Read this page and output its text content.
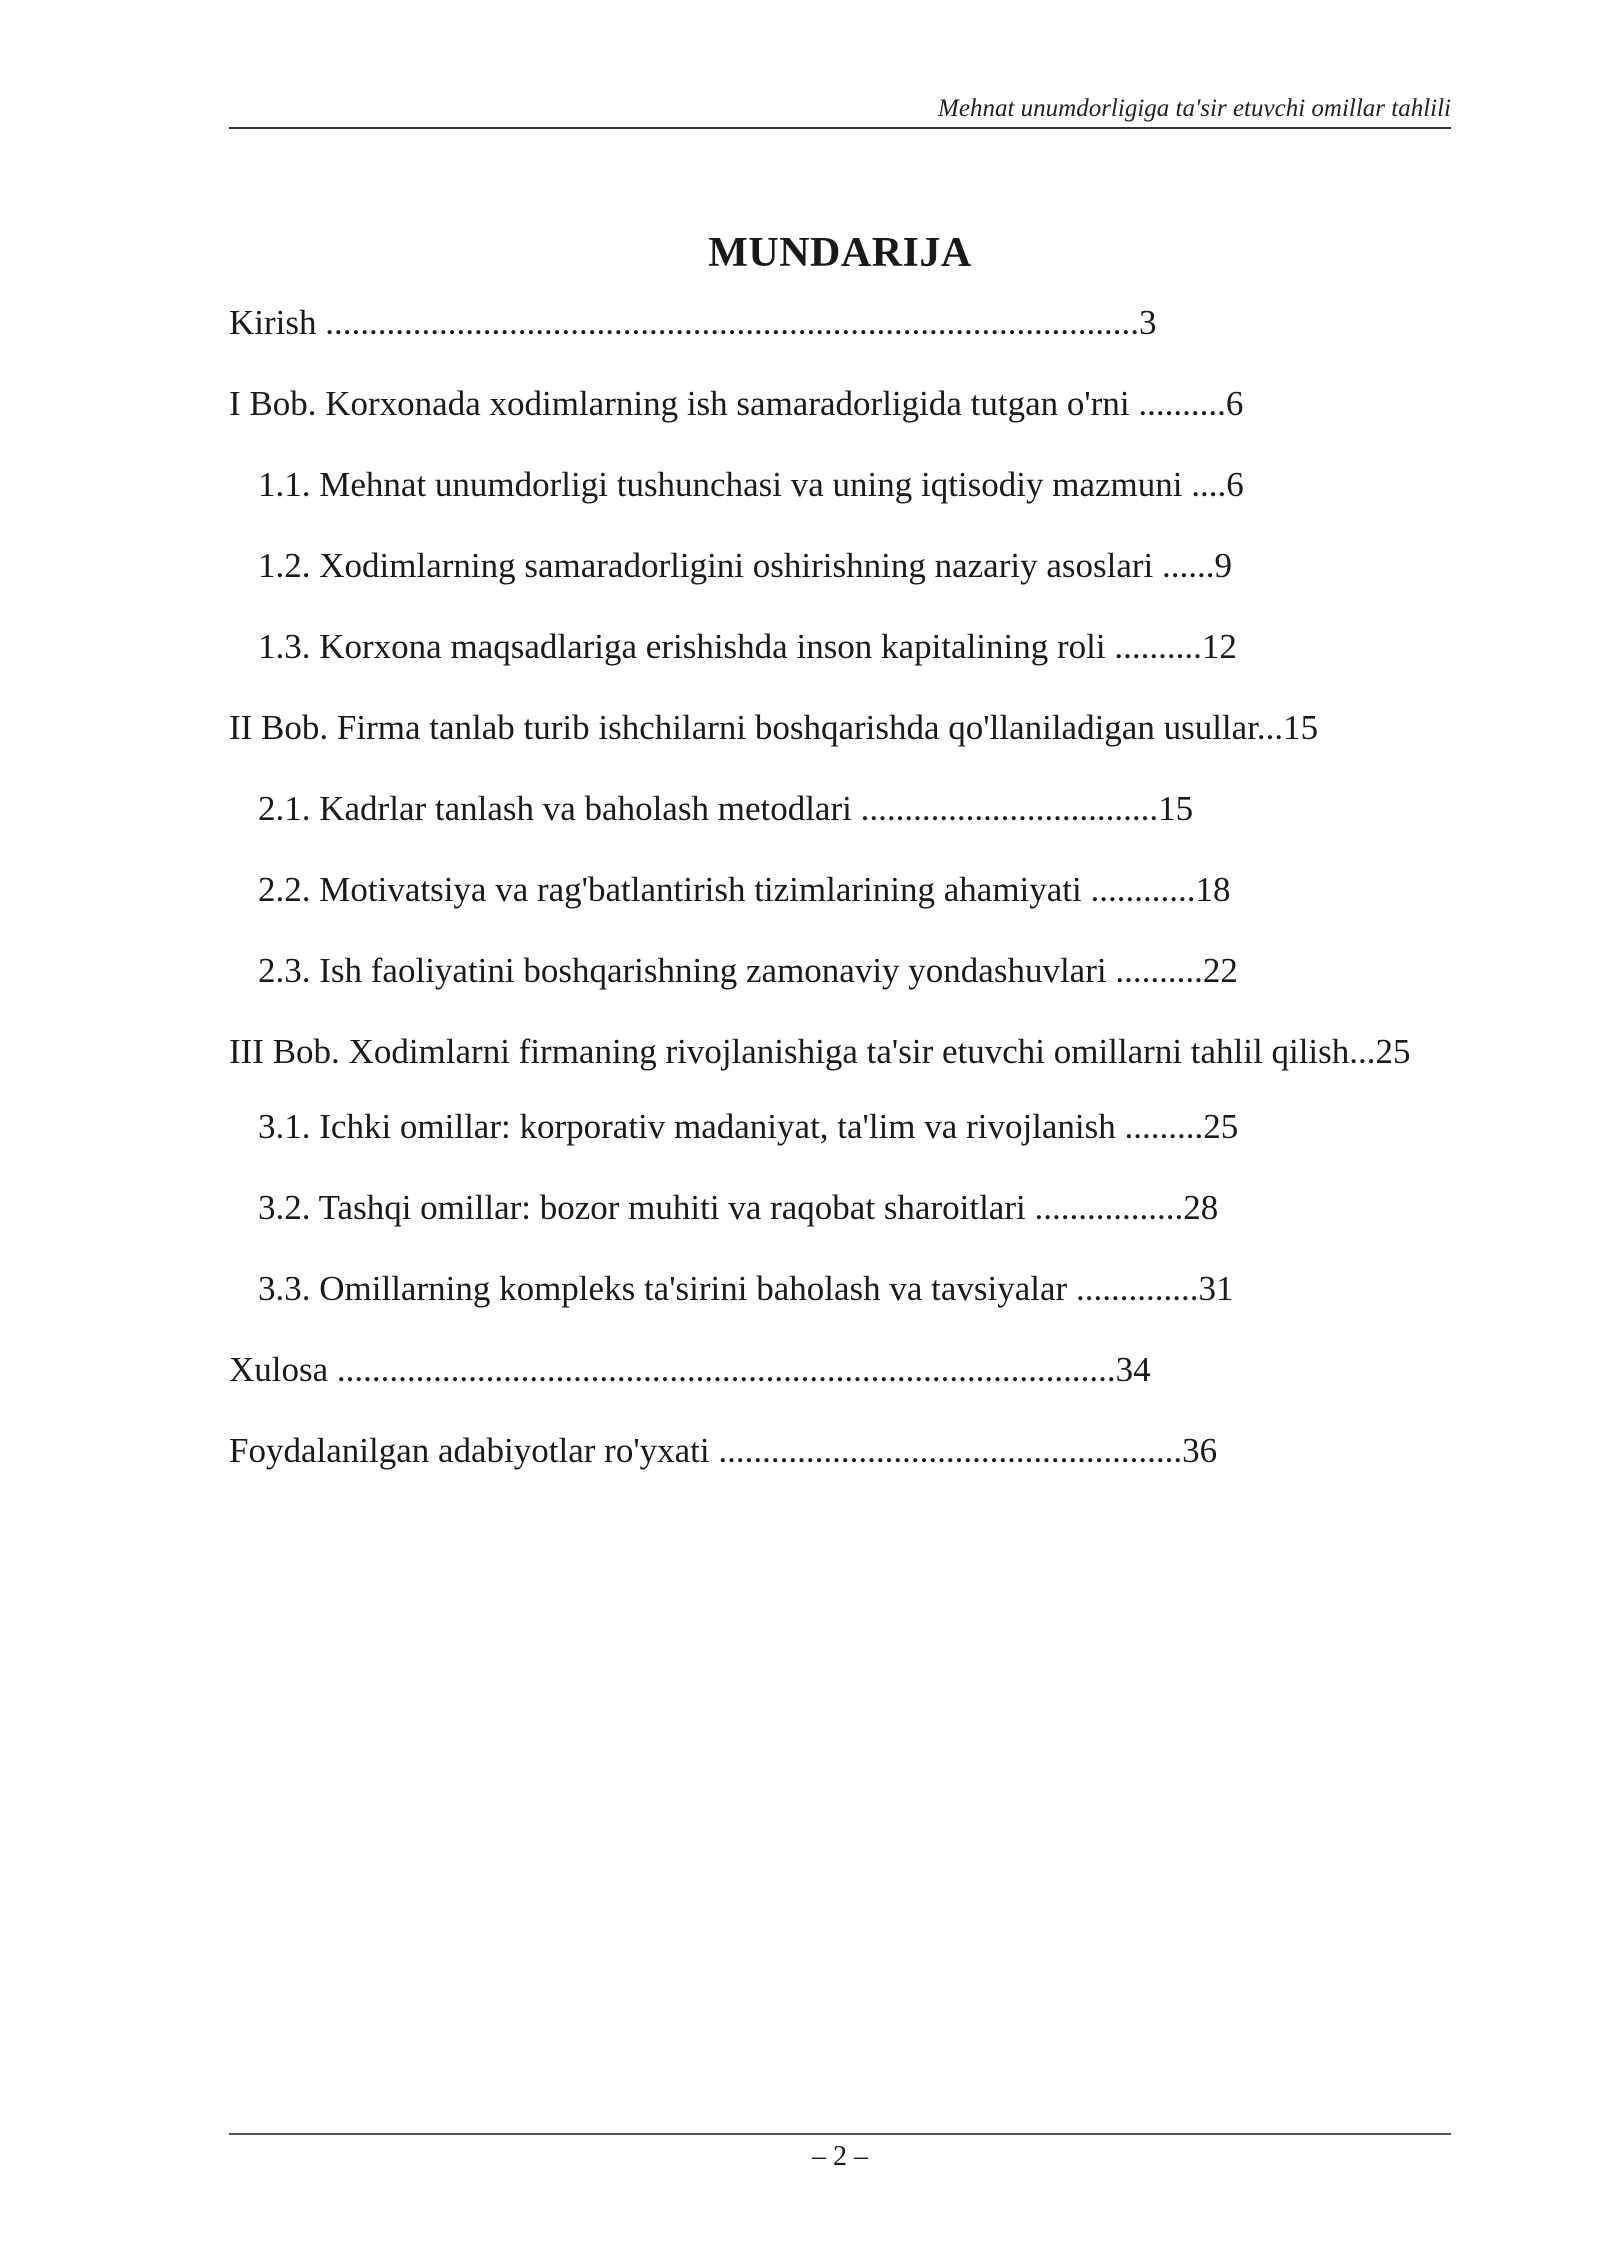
Mehnat unumdorligiga ta'sir etuvchi omillar tahlili
MUNDARIJA
Kirish .............................................................................................3
I Bob. Korxonada xodimlarning ish samaradorligida tutgan o'rni ..........6
1.1. Mehnat unumdorligi tushunchasi va uning iqtisodiy mazmuni ....6
1.2. Xodimlarning samaradorligini oshirishning nazariy asoslari ......9
1.3. Korxona maqsadlariga erishishda inson kapitalining roli ..........12
II Bob. Firma tanlab turib ishchilarni boshqarishda qo'llaniladigan usullar...15
2.1. Kadrlar tanlash va baholash metodlari ..................................15
2.2. Motivatsiya va rag'batlantirish tizimlarining ahamiyati ............18
2.3. Ish faoliyatini boshqarishning zamonaviy yondashuvlari ..........22
III Bob. Xodimlarni firmaning rivojlanishiga ta'sir etuvchi omillarni tahlil qilish...25
3.1. Ichki omillar: korporativ madaniyat, ta'lim va rivojlanish .........25
3.2. Tashqi omillar: bozor muhiti va raqobat sharoitlari .................28
3.3. Omillarning kompleks ta'sirini baholash va tavsiyalar ..............31
Xulosa .........................................................................................34
Foydalanilgan adabiyotlar ro'yxati .....................................................36
– 2 –
